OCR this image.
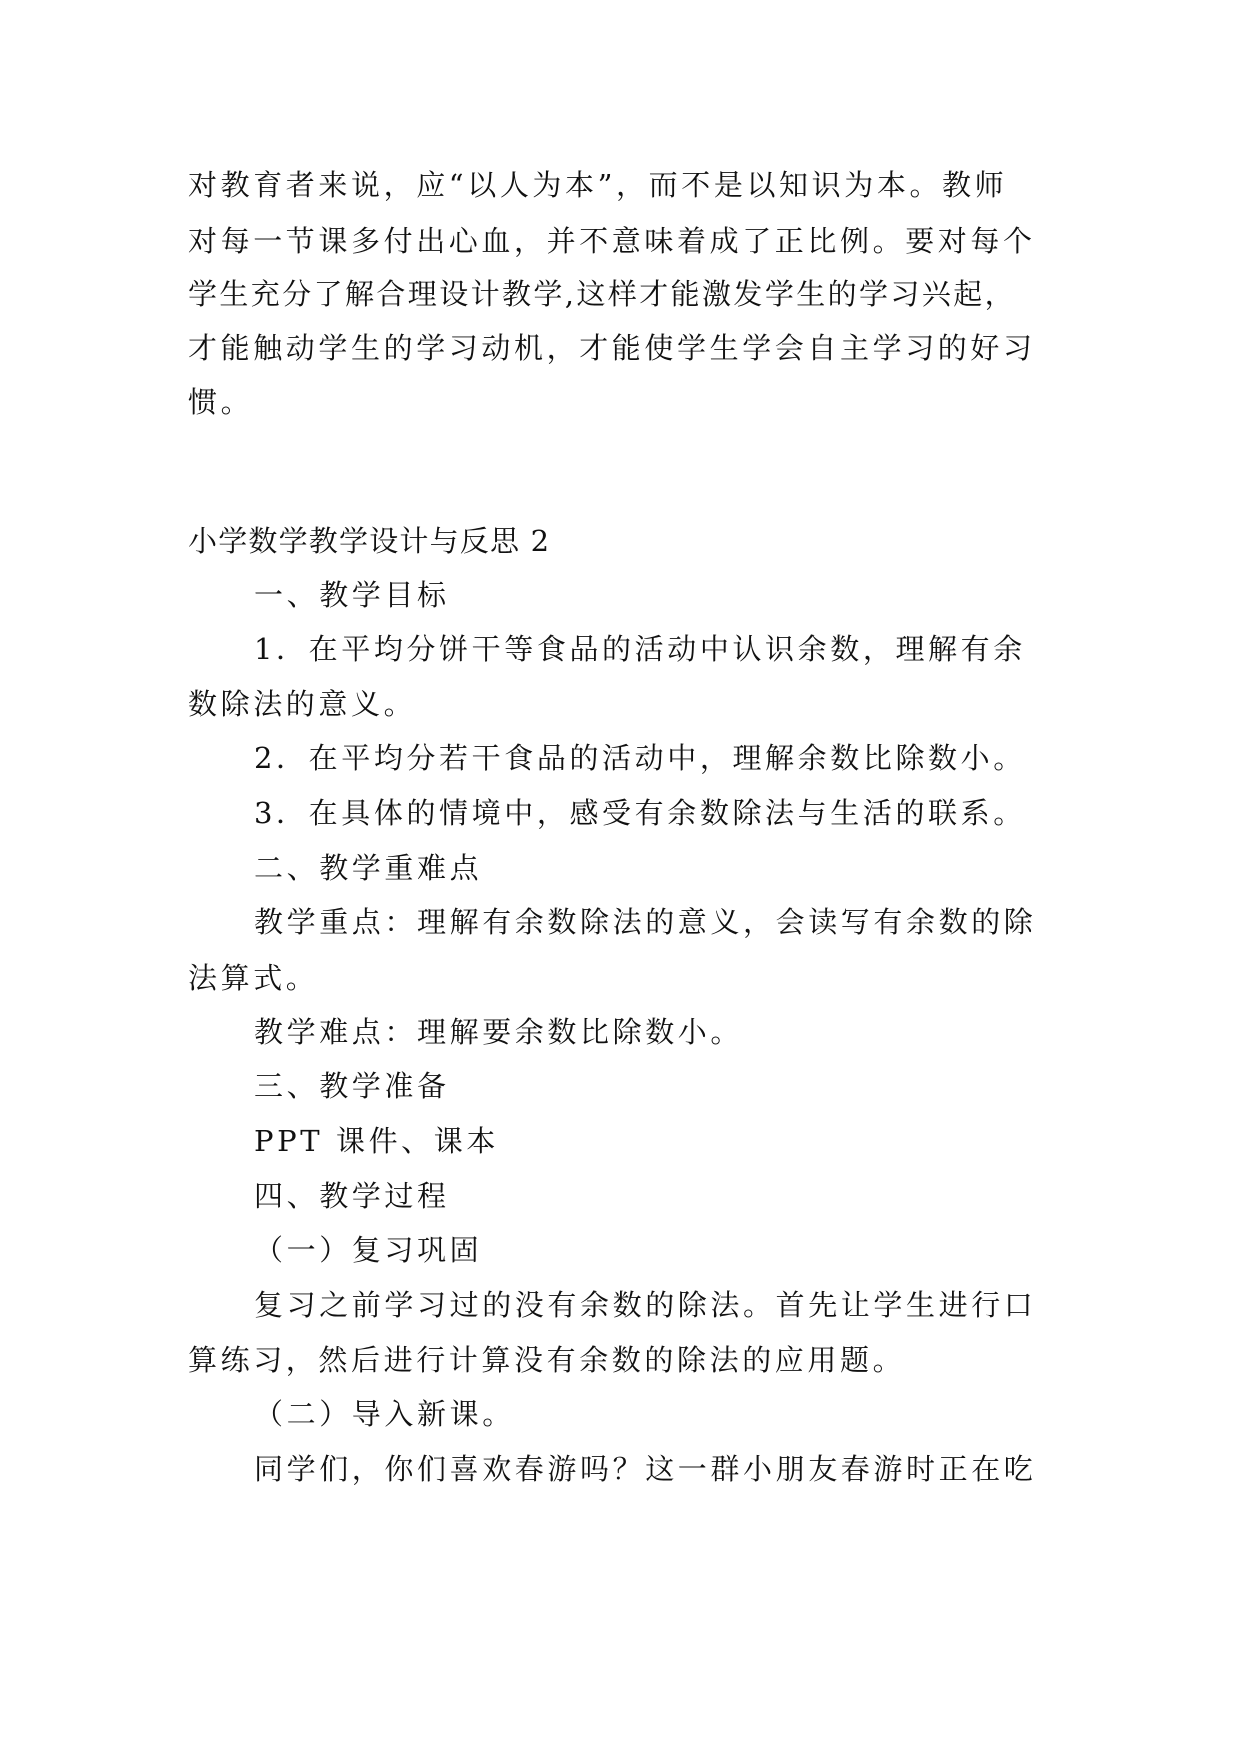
对教育者来说，应“以人为本”，而不是以知识为本。教师
对每一节课多付出心血，并不意味着成了正比例。要对每个
学生充分了解合理设计教学,这样才能激发学生的学习兴起，
才能触动学生的学习动机，才能使学生学会自主学习的好习
惯。
小学数学教学设计与反思 2
一、教学目标
1．在平均分饼干等食品的活动中认识余数，理解有余
数除法的意义。
2．在平均分若干食品的活动中，理解余数比除数小。
3．在具体的情境中，感受有余数除法与生活的联系。
二、教学重难点
教学重点：理解有余数除法的意义，会读写有余数的除
法算式。
教学难点：理解要余数比除数小。
三、教学准备
PPT 课件、课本
四、教学过程
（一）复习巩固
复习之前学习过的没有余数的除法。首先让学生进行口
算练习，然后进行计算没有余数的除法的应用题。
（二）导入新课。
同学们，你们喜欢春游吗？这一群小朋友春游时正在吃
